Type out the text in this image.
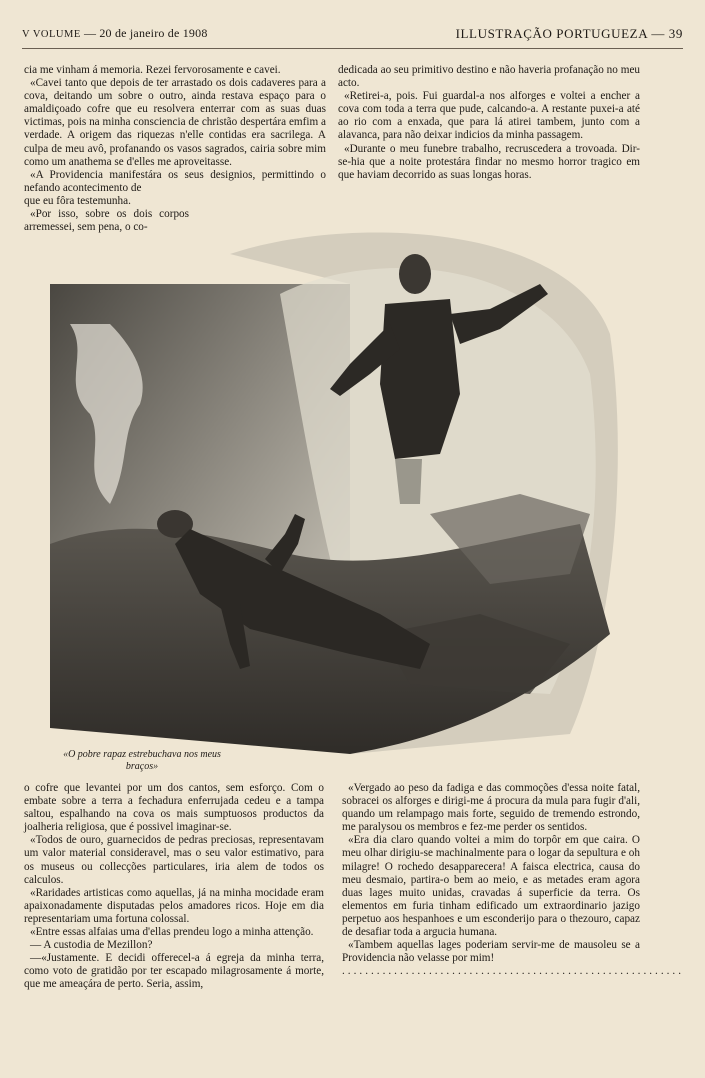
V VOLUME — 20 de janeiro de 1908	ILLUSTRAÇÃO PORTUGUEZA — 39

cia me vinham á memoria. Rezei fervorosamente e cavei.

«Cavei tanto que depois de ter arrastado os dois cadaveres para a cova, deitando um sobre o outro, ainda restava espaço para o amaldiçoado cofre que eu resolvera enterrar com as suas duas victimas, pois na minha consciencia de christão despertára emfim a verdade. A origem das riquezas n'elle contidas era sacrilega. A culpa de meu avô, profanando os vasos sagrados, cairia sobre mim como um anathema se d'elles me aproveitasse.

«A Providencia manifestára os seus designios, permittindo o nefando acontecimento de

que eu fôra testemunha.

«Por isso, sobre os dois corpos arremessei, sem pena, o co-

dedicada ao seu primitivo destino e não haveria profanação no meu acto.

«Retirei-a, pois. Fui guardal-a nos alforges e voltei a encher a cova com toda a terra que pude, calcando-a. A restante puxei-a até ao rio com a enxada, que para lá atirei tambem, junto com a alavanca, para não deixar indicios da minha passagem.

«Durante o meu funebre trabalho, recruscedera a trovoada. Dir-se-hia que a noite protestára findar no mesmo horror tragico em que haviam decorrido as suas longas horas.

«O pobre rapaz estrebuchava nos meus
braços»

o cofre que levantei por um dos cantos, sem esforço. Com o embate sobre a terra a fechadura enferrujada cedeu e a tampa saltou, espalhando na cova os mais sumptuosos productos da joalheria religiosa, que é possivel imaginar-se.

«Todos de ouro, guarnecidos de pedras preciosas, representavam um valor material consideravel, mas o seu valor estimativo, para os museus ou collecções particulares, iria alem de todos os calculos.

«Raridades artisticas como aquellas, já na minha mocidade eram apaixonadamente disputadas pelos amadores ricos. Hoje em dia representariam uma fortuna colossal.

«Entre essas alfaias uma d'ellas prendeu logo a minha attenção.

— A custodia de Mezillon?

—«Justamente. E decidi offerecel-a á egreja da minha terra, como voto de gratidão por ter escapado milagrosamente á morte, que me ameaçára de perto. Seria, assim,

«Vergado ao peso da fadiga e das commoções d'essa noite fatal, sobracei os alforges e dirigi-me á procura da mula para fugir d'ali, quando um relampago mais forte, seguido de tremendo estrondo, me paralysou os membros e fez-me perder os sentidos.

«Era dia claro quando voltei a mim do torpôr em que caira. O meu olhar dirigiu-se machinalmente para o logar da sepultura e oh milagre! O rochedo desapparecera! A faisca electrica, causa do meu desmaio, partira-o bem ao meio, e as metades eram agora duas lages muito unidas, cravadas á superficie da terra. Os elementos em furia tinham edificado um extraordinario jazigo perpetuo aos hespanhoes e um esconderijo para o thezouro, capaz de desafiar toda a argucia humana.

«Tambem aquellas lages poderiam servir-me de mausoleu se a Providencia não velasse por mim!

...........................................................
